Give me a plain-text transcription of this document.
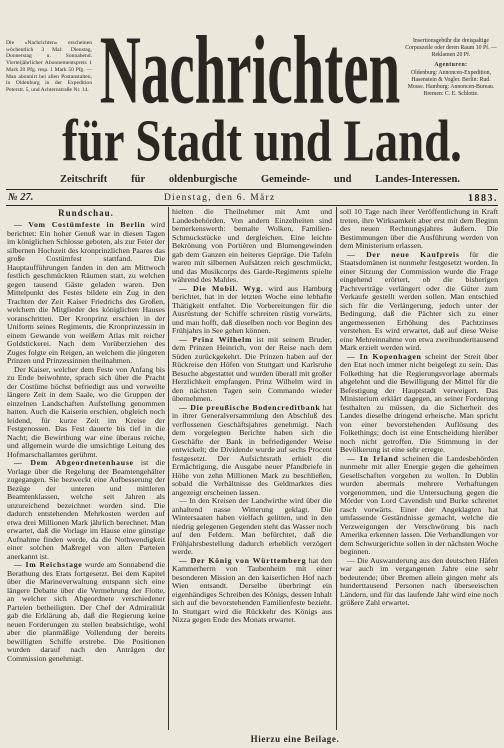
Die »Nachrichten« erscheinen wöchentlich 3 Mal: Dienstag, Donnerstag u. Sonnabend. Vierteljährlicher Abonnementspreis 1 Mark 20 Pfg. resp. 1 Mark 50 Pfg. — Man abonnirt bei allen Postanstalten, in Oldenburg in der Expedition Peterstr. 5, und Achternstraße Nr. 14. Nachrichten	Insertionsgebühr die dreispaltige Corpuszeile oder deren Raum 10 Pf. — Reklamen 20 Pf.
Agenturen:
Oldenburg: Annoncen-Expedition, Hasenstein & Vogler. Berlin: Rud. Mosse. Hamburg: Annoncen-Bureau. Bremen: C. E. Schlotte.
für Stadt und Land.
Zeitschrift für oldenburgische Gemeinde- und Landes-Interessen.
№ 27.	Dienstag, den 6. März	1883.
Rundschau.

— Vom Costümfeste in Berlin wird berichtet: Ein hoher Genuß war in diesen Tagen im königlichen Schlosse geboten, als zur Feier der silbernen Hochzeit des kronprinzlichen Paares das große Costümfest stattfand. Die Hauptaufführungen fanden in den am Mittwoch festlich geschmückten Räumen statt, zu welchen gegen tausend Gäste geladen waren. Den Mittelpunkt des Festes bildete ein Zug in den Trachten der Zeit Kaiser Friedrichs des Großen, welchem die Mitglieder des königlichen Hauses voranschritten. Der Kronprinz erschien in der Uniform seines Regiments, die Kronprinzessin in einem Gewande von weißem Atlas mit reicher Goldstickerei. Nach dem Vorüberziehen des Zuges folgte ein Reigen, an welchem die jüngeren Prinzen und Prinzessinnen theilnahmen.

Der Kaiser, welcher dem Feste von Anfang bis zu Ende beiwohnte, sprach sich über die Pracht der Costüme höchst befriedigt aus und verweilte längere Zeit in dem Saale, wo die Gruppen der einzelnen Landschaften Aufstellung genommen hatten. Auch die Kaiserin erschien, obgleich noch leidend, für kurze Zeit im Kreise der Festgenossen. Das Fest dauerte bis tief in die Nacht; die Bewirthung war eine überaus reiche, und allgemein wurde die umsichtige Leitung des Hofmarschallamtes gerühmt.

— Dem Abgeordnetenhause ist die Vorlage über die Regelung der Beamtengehälter zugegangen. Sie bezweckt eine Aufbesserung der Bezüge der unteren und mittleren Beamtenklassen, welche seit Jahren als unzureichend bezeichnet worden sind. Die dadurch entstehenden Mehrkosten werden auf etwa drei Millionen Mark jährlich berechnet. Man erwartet, daß die Vorlage im Hause eine günstige Aufnahme finden werde, da die Nothwendigkeit einer solchen Maßregel von allen Parteien anerkannt ist.

— Im Reichstage wurde am Sonnabend die Berathung des Etats fortgesetzt. Bei dem Kapitel über die Marineverwaltung entspann sich eine längere Debatte über die Vermehrung der Flotte, an welcher sich Abgeordnete verschiedener Parteien betheiligten. Der Chef der Admiralität gab die Erklärung ab, daß die Regierung keine neuen Forderungen zu stellen beabsichtige, wohl aber die planmäßige Vollendung der bereits bewilligten Schiffe erstrebe. Die Positionen wurden darauf nach den Anträgen der Commission genehmigt.

hielten die Theilnehmer mit Amt und Landesbehörden. Von andern Einzelheiten sind bemerkenswerth: bemalte Wolken, Familien-Schmuckstücke und dergleichen. Eine leichte Bekrönung von Portièren und Blumengewinden gab dem Ganzen ein heiteres Gepräge. Die Tafeln waren mit silbernen Aufsätzen reich geschmückt, und das Musikcorps des Garde-Regiments spielte während des Mahles.

— Die Mobil. Wyg. wird aus Hamburg berichtet, hat in der letzten Woche eine lebhafte Thätigkeit entfaltet. Die Vorbereitungen für die Ausrüstung der Schiffe schreiten rüstig vorwärts, und man hofft, daß dieselben noch vor Beginn des Frühjahrs in See gehen können.

— Prinz Wilhelm ist mit seinem Bruder, dem Prinzen Heinrich, von der Reise nach dem Süden zurückgekehrt. Die Prinzen haben auf der Rückreise den Höfen von Stuttgart und Karlsruhe Besuche abgestattet und wurden überall mit großer Herzlichkeit empfangen. Prinz Wilhelm wird in den nächsten Tagen sein Commando wieder übernehmen.

— Die preußische Bodencreditbank hat in ihrer Generalversammlung den Abschluß des verflossenen Geschäftsjahres genehmigt. Nach dem vorgelegten Berichte haben sich die Geschäfte der Bank in befriedigender Weise entwickelt; die Dividende wurde auf sechs Procent festgesetzt. Der Aufsichtsrath erhielt die Ermächtigung, die Ausgabe neuer Pfandbriefe in Höhe von zehn Millionen Mark zu beschließen, sobald die Verhältnisse des Geldmarktes dies angezeigt erscheinen lassen.

— In den Kreisen der Landwirthe wird über die anhaltend nasse Witterung geklagt. Die Wintersaaten haben vielfach gelitten, und in den niedrig gelegenen Gegenden steht das Wasser noch auf den Feldern. Man befürchtet, daß die Frühjahrsbestellung dadurch erheblich verzögert werde.

— Der König von Württemberg hat den Kammerherrn von Taubenheim mit einer besonderen Mission an den kaiserlichen Hof nach Wien entsandt. Derselbe überbringt ein eigenhändiges Schreiben des Königs, dessen Inhalt sich auf die bevorstehenden Familienfeste bezieht. In Stuttgart wird die Rückkehr des Königs aus Nizza gegen Ende des Monats erwartet.

soll 10 Tage nach ihrer Veröffentlichung in Kraft treten, ihre Wirksamkeit aber erst mit dem Beginn des neuen Rechnungsjahres äußern. Die Bestimmungen über die Ausführung werden von dem Ministerium erlassen.

— Der neue Kaufpreis für die Staatsdomänen ist nunmehr festgesetzt worden. In einer Sitzung der Commission wurde die Frage eingehend erörtert, ob die bisherigen Pachtverträge verlängert oder die Güter zum Verkaufe gestellt werden sollen. Man entschied sich für die Verlängerung, jedoch unter der Bedingung, daß die Pächter sich zu einer angemessenen Erhöhung des Pachtzinses verstehen. Es wird erwartet, daß auf diese Weise eine Mehreinnahme von etwa zweihunderttausend Mark erzielt werden wird.

— In Kopenhagen scheint der Streit über den Etat noch immer nicht beigelegt zu sein. Das Folkething hat die Regierungsvorlage abermals abgelehnt und die Bewilligung der Mittel für die Befestigung der Hauptstadt verweigert. Das Ministerium erklärt dagegen, an seiner Forderung festhalten zu müssen, da die Sicherheit des Landes dieselbe dringend erheische. Man spricht von einer bevorstehenden Auflösung des Folkethings; doch ist eine Entscheidung hierüber noch nicht getroffen. Die Stimmung in der Bevölkerung ist eine sehr erregte.

— In Irland scheinen die Landesbehörden nunmehr mit aller Energie gegen die geheimen Gesellschaften vorgehen zu wollen. In Dublin wurden abermals mehrere Verhaftungen vorgenommen, und die Untersuchung gegen die Mörder von Lord Cavendish und Burke schreitet rasch vorwärts. Einer der Angeklagten hat umfassende Geständnisse gemacht, welche die Verzweigungen der Verschwörung bis nach Amerika erkennen lassen. Die Verhandlungen vor dem Schwurgerichte sollen in der nächsten Woche beginnen.

— Die Auswanderung aus den deutschen Häfen war auch im vergangenen Jahre eine sehr bedeutende; über Bremen allein gingen mehr als hunderttausend Personen nach überseeischen Ländern, und für das laufende Jahr wird eine noch größere Zahl erwartet.

Hierzu eine Beilage.
